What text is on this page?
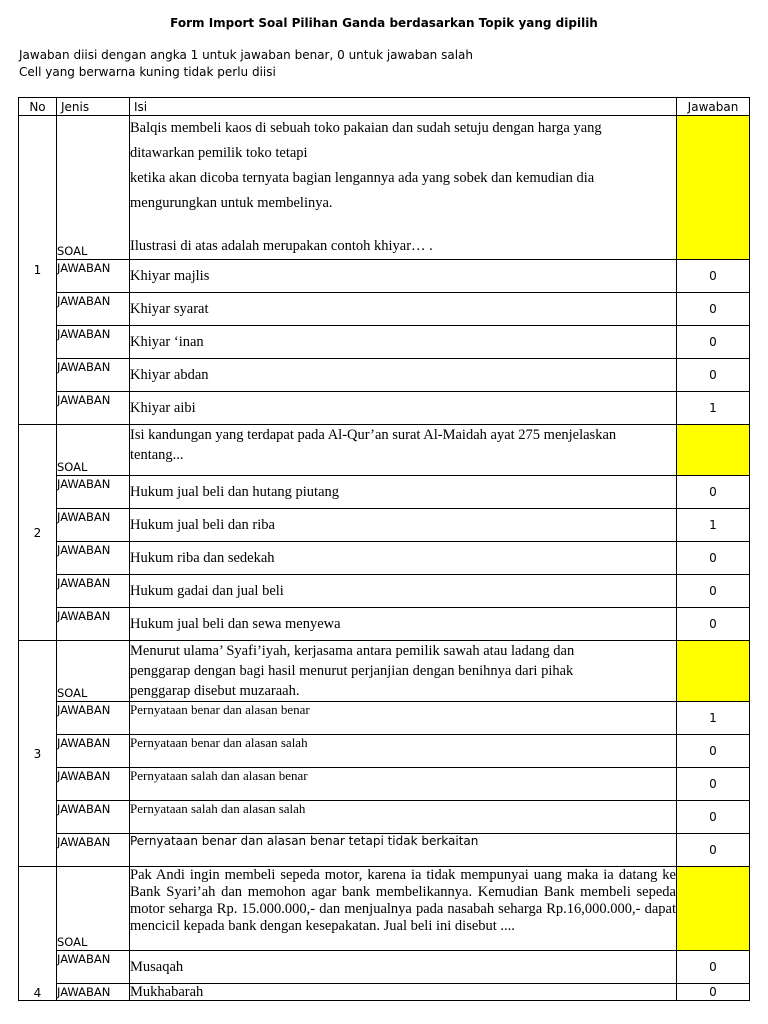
Form Import Soal Pilihan Ganda berdasarkan Topik yang dipilih
Jawaban diisi dengan angka 1 untuk jawaban benar, 0 untuk jawaban salah
Cell yang berwarna kuning tidak perlu diisi
No	Jenis	Isi	Jawaban
1	SOAL	Balqis membeli kaos di sebuah toko pakaian dan sudah setuju dengan harga yang
ditawarkan pemilik toko tetapi
ketika akan dicoba ternyata bagian lengannya ada yang sobek dan kemudian dia
mengurungkan untuk membelinya.
Ilustrasi di atas adalah merupakan contoh khiyar… .	

	JAWABAN	Khiyar majlis	0
	JAWABAN	Khiyar syarat	0
	JAWABAN	Khiyar ‘inan	0
	JAWABAN	Khiyar abdan	0
	JAWABAN	Khiyar aibi	1
2	SOAL	Isi kandungan yang terdapat pada Al-Qur’an surat Al-Maidah ayat 275 menjelaskan
tentang...	

	JAWABAN	Hukum jual beli dan hutang piutang	0
	JAWABAN	Hukum jual beli dan riba	1
	JAWABAN	Hukum riba dan sedekah	0
	JAWABAN	Hukum gadai dan jual beli	0
	JAWABAN	Hukum jual beli dan sewa menyewa	0
3	SOAL	Menurut ulama’ Syafi’iyah, kerjasama antara pemilik sawah atau ladang dan
penggarap dengan bagi hasil menurut perjanjian dengan benihnya dari pihak
penggarap disebut muzaraah.	

	JAWABAN	Pernyataan benar dan alasan benar	1
	JAWABAN	Pernyataan benar dan alasan salah	0
	JAWABAN	Pernyataan salah dan alasan benar	0
	JAWABAN	Pernyataan salah dan alasan salah	0
	JAWABAN	Pernyataan benar dan alasan benar tetapi tidak berkaitan	0
4	SOAL	Pak Andi ingin membeli sepeda motor, karena ia tidak mempunyai uang maka ia datang ke Bank Syari’ah dan memohon agar bank membelikannya. Kemudian Bank membeli sepeda motor seharga Rp. 15.000.000,- dan menjualnya pada nasabah seharga Rp.16,000.000,- dapat mencicil kepada bank dengan kesepakatan. Jual beli ini disebut ....	
	JAWABAN	Musaqah	0
	JAWABAN	Mukhabarah	0
